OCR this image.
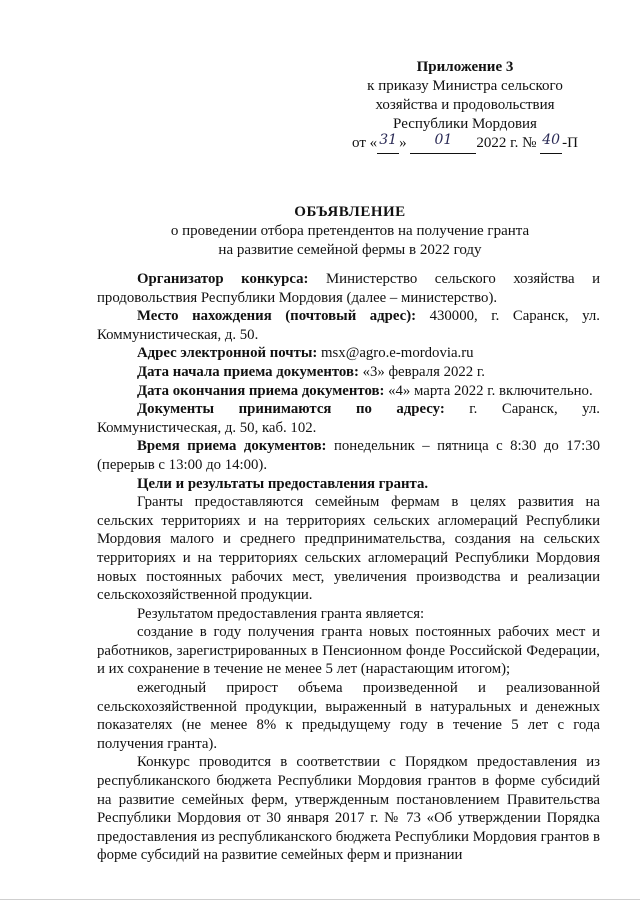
Приложение 3
к приказу Министра сельского
хозяйства и продовольствия
Республики Мордовия
от « 31 » 01 2022 г. № 40 -П
ОБЪЯВЛЕНИЕ
о проведении отбора претендентов на получение гранта
на развитие семейной фермы в 2022 году

Организатор конкурса: Министерство сельского хозяйства и продовольствия Республики Мордовия (далее – министерство).

Место нахождения (почтовый адрес): 430000, г. Саранск, ул. Коммунистическая, д. 50.

Адрес электронной почты: msx@agro.e-mordovia.ru

Дата начала приема документов: «3» февраля 2022 г.

Дата окончания приема документов: «4» марта 2022 г. включительно.

Документы принимаются по адресу: г. Саранск, ул. Коммунистическая, д. 50, каб. 102.

Время приема документов: понедельник – пятница с 8:30 до 17:30 (перерыв с 13:00 до 14:00).

Цели и результаты предоставления гранта.

Гранты предоставляются семейным фермам в целях развития на сельских территориях и на территориях сельских агломераций Республики Мордовия малого и среднего предпринимательства, создания на сельских территориях и на территориях сельских агломераций Республики Мордовия новых постоянных рабочих мест, увеличения производства и реализации сельскохозяйственной продукции.

Результатом предоставления гранта является:

создание в году получения гранта новых постоянных рабочих мест и работников, зарегистрированных в Пенсионном фонде Российской Федерации, и их сохранение в течение не менее 5 лет (нарастающим итогом);

ежегодный прирост объема произведенной и реализованной сельскохозяйственной продукции, выраженный в натуральных и денежных показателях (не менее 8% к предыдущему году в течение 5 лет с года получения гранта).

Конкурс проводится в соответствии с Порядком предоставления из республиканского бюджета Республики Мордовия грантов в форме субсидий на развитие семейных ферм, утвержденным постановлением Правительства Республики Мордовия от 30 января 2017 г. № 73 «Об утверждении Порядка предоставления из республиканского бюджета Республики Мордовия грантов в форме субсидий на развитие семейных ферм и признании
